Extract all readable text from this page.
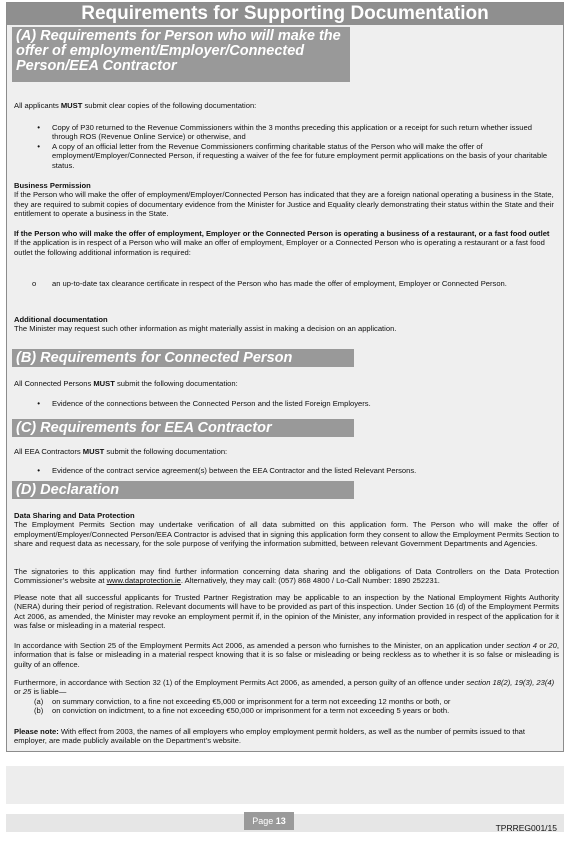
Requirements for Supporting Documentation
(A) Requirements for Person who will make the offer of employment/Employer/Connected Person/EEA Contractor

All applicants MUST submit clear copies of the following documentation:

•	Copy of P30 returned to the Revenue Commissioners within the 3 months preceding this application or a receipt for such return whether issued through ROS (Revenue Online Service) or otherwise, and
•	A copy of an official letter from the Revenue Commissioners confirming charitable status of the Person who will make the offer of employment/Employer/Connected Person, if requesting a waiver of the fee for future employment permit applications on the basis of your charitable status.

Business Permission

If the Person who will make the offer of employment/Employer/Connected Person has indicated that they are a foreign national operating a business in the State, they are required to submit copies of documentary evidence from the Minister for Justice and Equality clearly demonstrating their status within the State and their entitlement to operate a business in the State.

If the Person who will make the offer of employment, Employer or the Connected Person is operating a business of a restaurant, or a fast food outlet

If the application is in respect of a Person who will make an offer of employment, Employer or a Connected Person who is operating a restaurant or a fast food outlet the following additional information is required:

o	an up-to-date tax clearance certificate in respect of the Person who has made the offer of employment, Employer or Connected Person.

Additional documentation

The Minister may request such other information as might materially assist in making a decision on an application.

(B) Requirements for Connected Person

All Connected Persons MUST submit the following documentation:

•	Evidence of the connections between the Connected Person and the listed Foreign Employers.
(C) Requirements for EEA Contractor

All EEA Contractors MUST submit the following documentation:

•	Evidence of the contract service agreement(s) between the EEA Contractor and the listed Relevant Persons.
(D) Declaration

Data Sharing and Data Protection

The Employment Permits Section may undertake verification of all data submitted on this application form. The Person who will make the offer of employment/Employer/Connected Person/EEA Contractor is advised that in signing this application form they consent to allow the Employment Permits Section to share and request data as necessary, for the sole purpose of verifying the information submitted, between relevant Government Departments and Agencies.

The signatories to this application may find further information concerning data sharing and the obligations of Data Controllers on the Data Protection Commissioner’s website at www.dataprotection.ie. Alternatively, they may call: (057) 868 4800 / Lo-Call Number: 1890 252231.

Please note that all successful applicants for Trusted Partner Registration may be applicable to an inspection by the National Employment Rights Authority (NERA) during their period of registration. Relevant documents will have to be provided as part of this inspection. Under Section 16 (d) of the Employment Permits Act 2006, as amended, the Minister may revoke an employment permit if, in the opinion of the Minister, any information provided in respect of the application for it was false or misleading in a material respect.

In accordance with Section 25 of the Employment Permits Act 2006, as amended a person who furnishes to the Minister, on an application under section 4 or 20, information that is false or misleading in a material respect knowing that it is so false or misleading or being reckless as to whether it is so false or misleading is guilty of an offence.

Furthermore, in accordance with Section 32 (1) of the Employment Permits Act 2006, as amended, a person guilty of an offence under section 18(2), 19(3), 23(4) or 25 is liable—

(a)	on summary conviction, to a fine not exceeding €5,000 or imprisonment for a term not exceeding 12 months or both, or
(b)	on conviction on indictment, to a fine not exceeding €50,000 or imprisonment for a term not exceeding 5 years or both.

Please note: With effect from 2003, the names of all employers who employ employment permit holders, as well as the number of permits issued to that employer, are made publicly available on the Department’s website.

Page 13
TPRREG001/15
